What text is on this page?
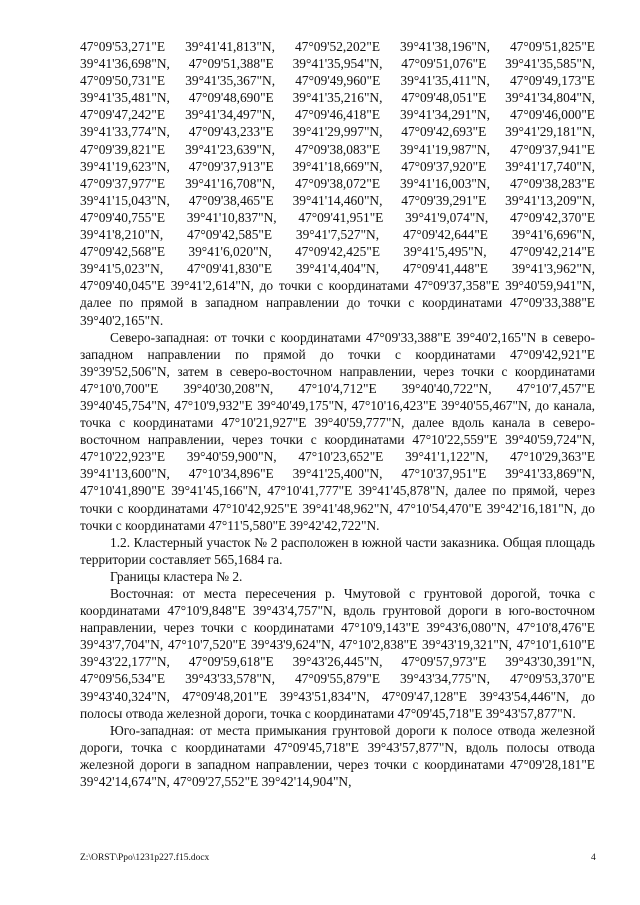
47°09'53,271"E 39°41'41,813"N, 47°09'52,202"E 39°41'38,196"N, 47°09'51,825"E 39°41'36,698"N, 47°09'51,388"E 39°41'35,954"N, 47°09'51,076"E 39°41'35,585"N, 47°09'50,731"E 39°41'35,367"N, 47°09'49,960"E 39°41'35,411"N, 47°09'49,173"E 39°41'35,481"N, 47°09'48,690"E 39°41'35,216"N, 47°09'48,051"E 39°41'34,804"N, 47°09'47,242"E 39°41'34,497"N, 47°09'46,418"E 39°41'34,291"N, 47°09'46,000"E 39°41'33,774"N, 47°09'43,233"E 39°41'29,997"N, 47°09'42,693"E 39°41'29,181"N, 47°09'39,821"E 39°41'23,639"N, 47°09'38,083"E 39°41'19,987"N, 47°09'37,941"E 39°41'19,623"N, 47°09'37,913"E 39°41'18,669"N, 47°09'37,920"E 39°41'17,740"N, 47°09'37,977"E 39°41'16,708"N, 47°09'38,072"E 39°41'16,003"N, 47°09'38,283"E 39°41'15,043"N, 47°09'38,465"E 39°41'14,460"N, 47°09'39,291"E 39°41'13,209"N, 47°09'40,755"E 39°41'10,837"N, 47°09'41,951"E 39°41'9,074"N, 47°09'42,370"E 39°41'8,210"N, 47°09'42,585"E 39°41'7,527"N, 47°09'42,644"E 39°41'6,696"N, 47°09'42,568"E 39°41'6,020"N, 47°09'42,425"E 39°41'5,495"N, 47°09'42,214"E 39°41'5,023"N, 47°09'41,830"E 39°41'4,404"N, 47°09'41,448"E 39°41'3,962"N, 47°09'40,045"E 39°41'2,614"N, до точки с координатами 47°09'37,358"E 39°40'59,941"N, далее по прямой в западном направлении до точки с координатами 47°09'33,388"E 39°40'2,165"N.

Северо-западная: от точки с координатами 47°09'33,388"E 39°40'2,165"N в северо-западном направлении по прямой до точки с координатами 47°09'42,921"E 39°39'52,506"N, затем в северо-восточном направлении, через точки с координатами 47°10'0,700"E 39°40'30,208"N, 47°10'4,712"E 39°40'40,722"N, 47°10'7,457"E 39°40'45,754"N, 47°10'9,932"E 39°40'49,175"N, 47°10'16,423"E 39°40'55,467"N, до канала, точка с координатами 47°10'21,927"E 39°40'59,777"N, далее вдоль канала в северо-восточном направлении, через точки с координатами 47°10'22,559"E 39°40'59,724"N, 47°10'22,923"E 39°40'59,900"N, 47°10'23,652"E 39°41'1,122"N, 47°10'29,363"E 39°41'13,600"N, 47°10'34,896"E 39°41'25,400"N, 47°10'37,951"E 39°41'33,869"N, 47°10'41,890"E 39°41'45,166"N, 47°10'41,777"E 39°41'45,878"N, далее по прямой, через точки с координатами 47°10'42,925"E 39°41'48,962"N, 47°10'54,470"E 39°42'16,181"N, до точки с координатами 47°11'5,580"E 39°42'42,722"N.

1.2. Кластерный участок № 2 расположен в южной части заказника. Общая площадь территории составляет 565,1684 га.

Границы кластера № 2.

Восточная: от места пересечения р. Чмутовой с грунтовой дорогой, точка с координатами 47°10'9,848"E 39°43'4,757"N, вдоль грунтовой дороги в юго-восточном направлении, через точки с координатами 47°10'9,143"E 39°43'6,080"N, 47°10'8,476"E 39°43'7,704"N, 47°10'7,520"E 39°43'9,624"N, 47°10'2,838"E 39°43'19,321"N, 47°10'1,610"E 39°43'22,177"N, 47°09'59,618"E 39°43'26,445"N, 47°09'57,973"E 39°43'30,391"N, 47°09'56,534"E 39°43'33,578"N, 47°09'55,879"E 39°43'34,775"N, 47°09'53,370"E 39°43'40,324"N, 47°09'48,201"E 39°43'51,834"N, 47°09'47,128"E 39°43'54,446"N, до полосы отвода железной дороги, точка с координатами 47°09'45,718"E 39°43'57,877"N.

Юго-западная: от места примыкания грунтовой дороги к полосе отвода железной дороги, точка с координатами 47°09'45,718"E 39°43'57,877"N, вдоль полосы отвода железной дороги в западном направлении, через точки с координатами 47°09'28,181"E 39°42'14,674"N, 47°09'27,552"E 39°42'14,904"N,

Z:\ORST\Ppo\1231p227.f15.docx	4
